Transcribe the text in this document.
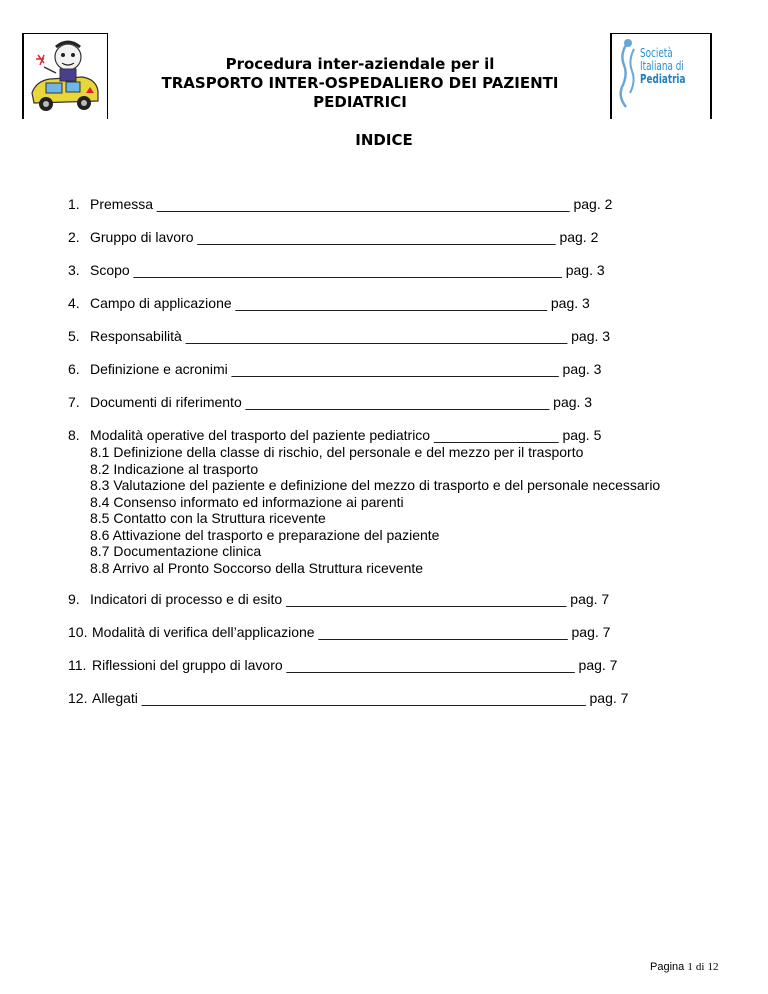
Società
Italiana di
Pediatria
Procedura inter-aziendale per il
TRASPORTO INTER-OSPEDALIERO DEI PAZIENTI
PEDIATRICI
INDICE
1. Premessa _____________________________________________________ pag. 2
2. Gruppo di lavoro ______________________________________________ pag. 2
3. Scopo _______________________________________________________ pag. 3
4. Campo di applicazione ________________________________________ pag. 3
5. Responsabilità _________________________________________________ pag. 3
6. Definizione e acronimi __________________________________________ pag. 3
7. Documenti di riferimento _______________________________________ pag. 3
8. Modalità operative del trasporto del paziente pediatrico ________________ pag. 5
8.1 Definizione della classe di rischio, del personale e del mezzo per il trasporto
8.2 Indicazione al trasporto
8.3 Valutazione del paziente e definizione del mezzo di trasporto e del personale necessario
8.4 Consenso informato ed informazione ai parenti
8.5 Contatto con la Struttura ricevente
8.6 Attivazione del trasporto e preparazione del paziente
8.7 Documentazione clinica
8.8 Arrivo al Pronto Soccorso della Struttura ricevente
9. Indicatori di processo e di esito ____________________________________ pag. 7
10. Modalità di verifica dell’applicazione ________________________________ pag. 7
11. Riflessioni del gruppo di lavoro _____________________________________ pag. 7
12. Allegati _________________________________________________________ pag. 7
Pagina 1 di 12
